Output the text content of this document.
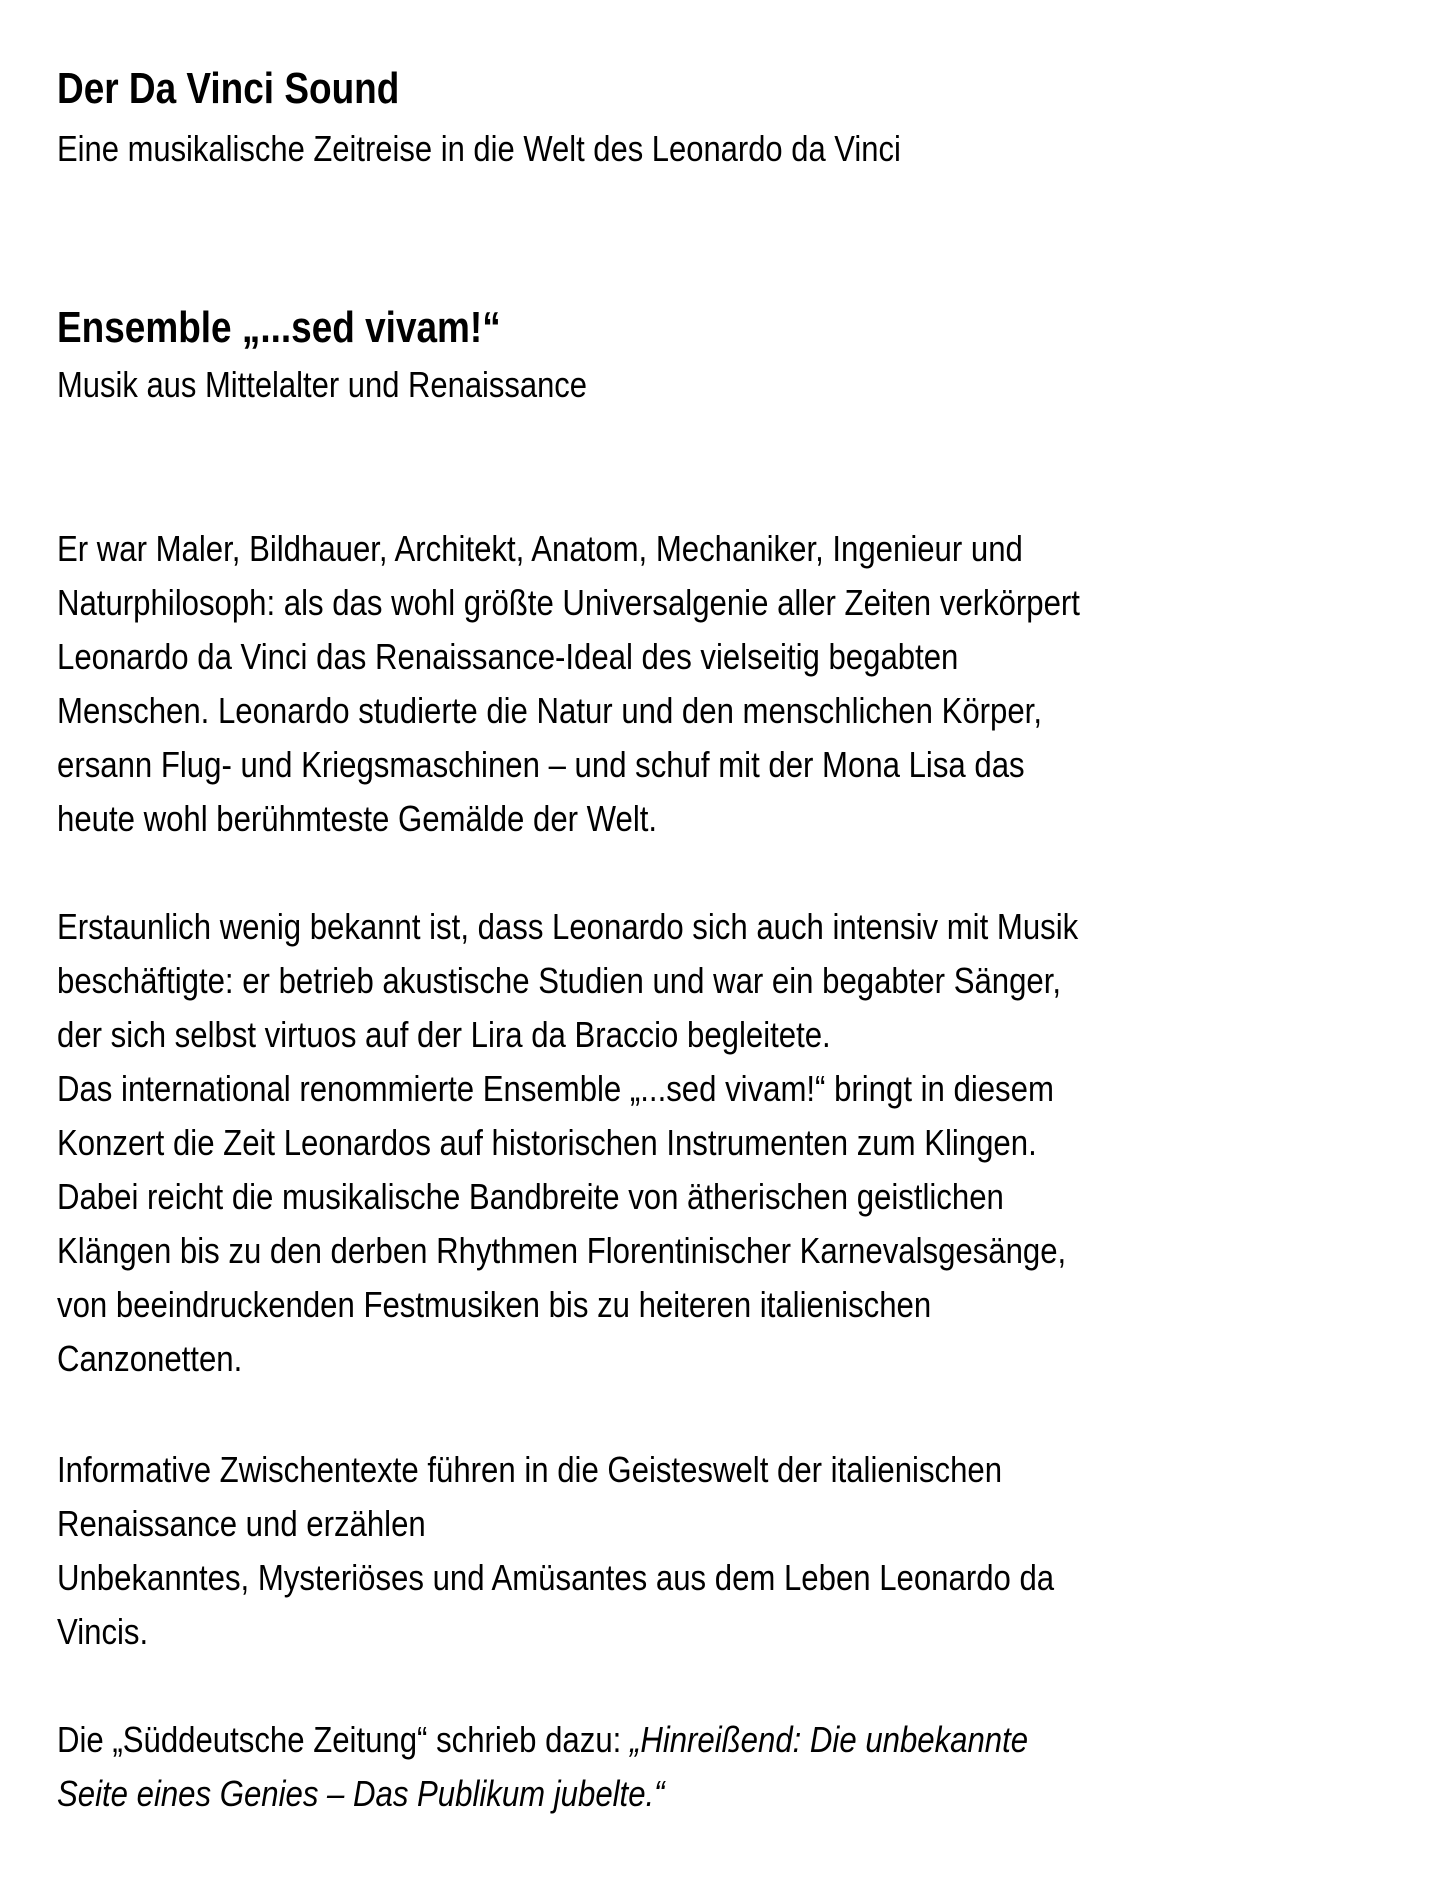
Der Da Vinci Sound
Eine musikalische Zeitreise in die Welt des Leonardo da Vinci
Ensemble „...sed vivam!“
Musik aus Mittelalter und Renaissance
Er war Maler, Bildhauer, Architekt, Anatom, Mechaniker, Ingenieur und
Naturphilosoph: als das wohl größte Universalgenie aller Zeiten verkörpert
Leonardo da Vinci das Renaissance-Ideal des vielseitig begabten
Menschen. Leonardo studierte die Natur und den menschlichen Körper,
ersann Flug- und Kriegsmaschinen – und schuf mit der Mona Lisa das
heute wohl berühmteste Gemälde der Welt.
Erstaunlich wenig bekannt ist, dass Leonardo sich auch intensiv mit Musik
beschäftigte: er betrieb akustische Studien und war ein begabter Sänger,
der sich selbst virtuos auf der Lira da Braccio begleitete.
Das international renommierte Ensemble „...sed vivam!“ bringt in diesem
Konzert die Zeit Leonardos auf historischen Instrumenten zum Klingen.
Dabei reicht die musikalische Bandbreite von ätherischen geistlichen
Klängen bis zu den derben Rhythmen Florentinischer Karnevalsgesänge,
von beeindruckenden Festmusiken bis zu heiteren italienischen
Canzonetten.
Informative Zwischentexte führen in die Geisteswelt der italienischen
Renaissance und erzählen
Unbekanntes, Mysteriöses und Amüsantes aus dem Leben Leonardo da
Vincis.
Die „Süddeutsche Zeitung“ schrieb dazu: „Hinreißend: Die unbekannte
Seite eines Genies – Das Publikum jubelte.“
